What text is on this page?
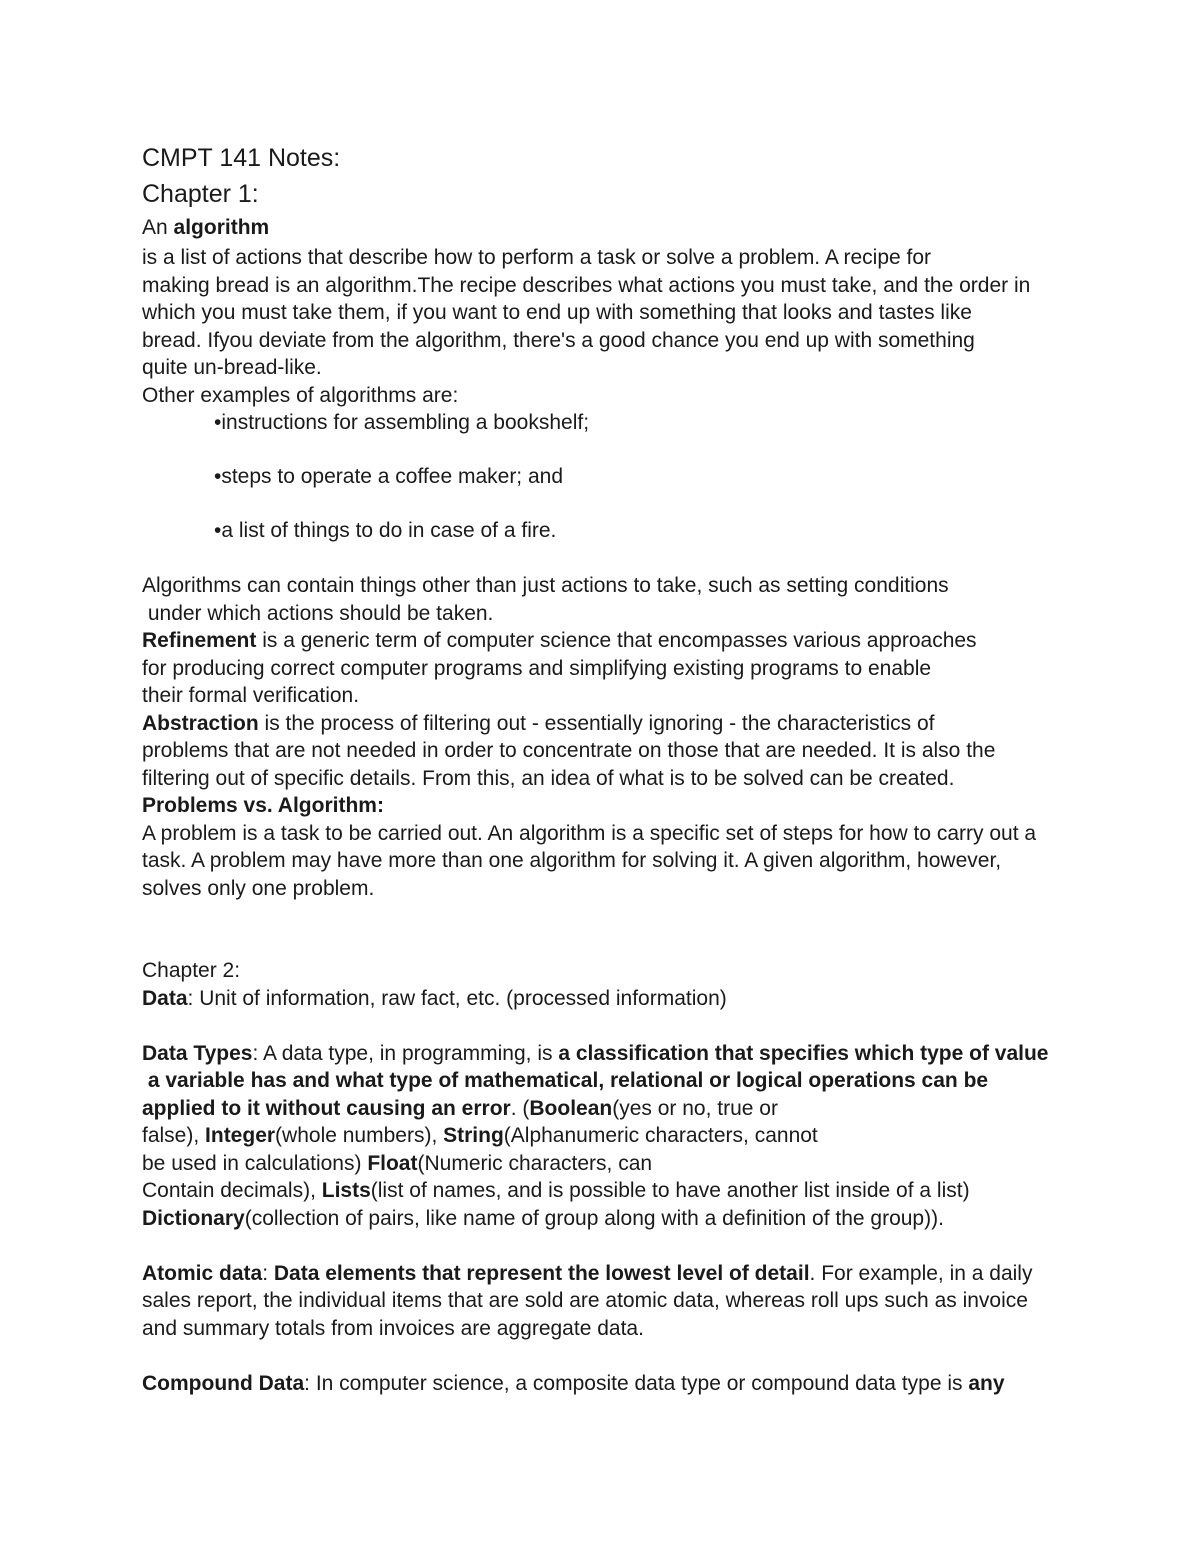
CMPT 141 Notes:
Chapter 1:

An algorithm

is a list of actions that describe how to perform a task or solve a problem. A recipe for

making bread is an algorithm.The recipe describes what actions you must take, and the order in

which you must take them, if you want to end up with something that looks and tastes like

bread. Ifyou deviate from the algorithm, there's a good chance you end up with something

quite un-bread-like.

Other examples of algorithms are:

•instructions for assembling a bookshelf;

•steps to operate a coffee maker; and

•a list of things to do in case of a fire.

Algorithms can contain things other than just actions to take, such as setting conditions

under which actions should be taken.

Refinement is a generic term of computer science that encompasses various approaches

for producing correct computer programs and simplifying existing programs to enable

their formal verification.

Abstraction is the process of filtering out - essentially ignoring - the characteristics of

problems that are not needed in order to concentrate on those that are needed. It is also the

filtering out of specific details. From this, an idea of what is to be solved can be created.

Problems vs. Algorithm:

A problem is a task to be carried out. An algorithm is a specific set of steps for how to carry out a

task. A problem may have more than one algorithm for solving it. A given algorithm, however,

solves only one problem.

Chapter 2:

Data: Unit of information, raw fact, etc. (processed information)

Data Types: A data type, in programming, is a classification that specifies which type of value

a variable has and what type of mathematical, relational or logical operations can be

applied to it without causing an error. (Boolean(yes or no, true or

false), Integer(whole numbers), String(Alphanumeric characters, cannot

be used in calculations) Float(Numeric characters, can

Contain decimals), Lists(list of names, and is possible to have another list inside of a list)

Dictionary(collection of pairs, like name of group along with a definition of the group)).

Atomic data: Data elements that represent the lowest level of detail. For example, in a daily

sales report, the individual items that are sold are atomic data, whereas roll ups such as invoice

and summary totals from invoices are aggregate data.

Compound Data: In computer science, a composite data type or compound data type is any
